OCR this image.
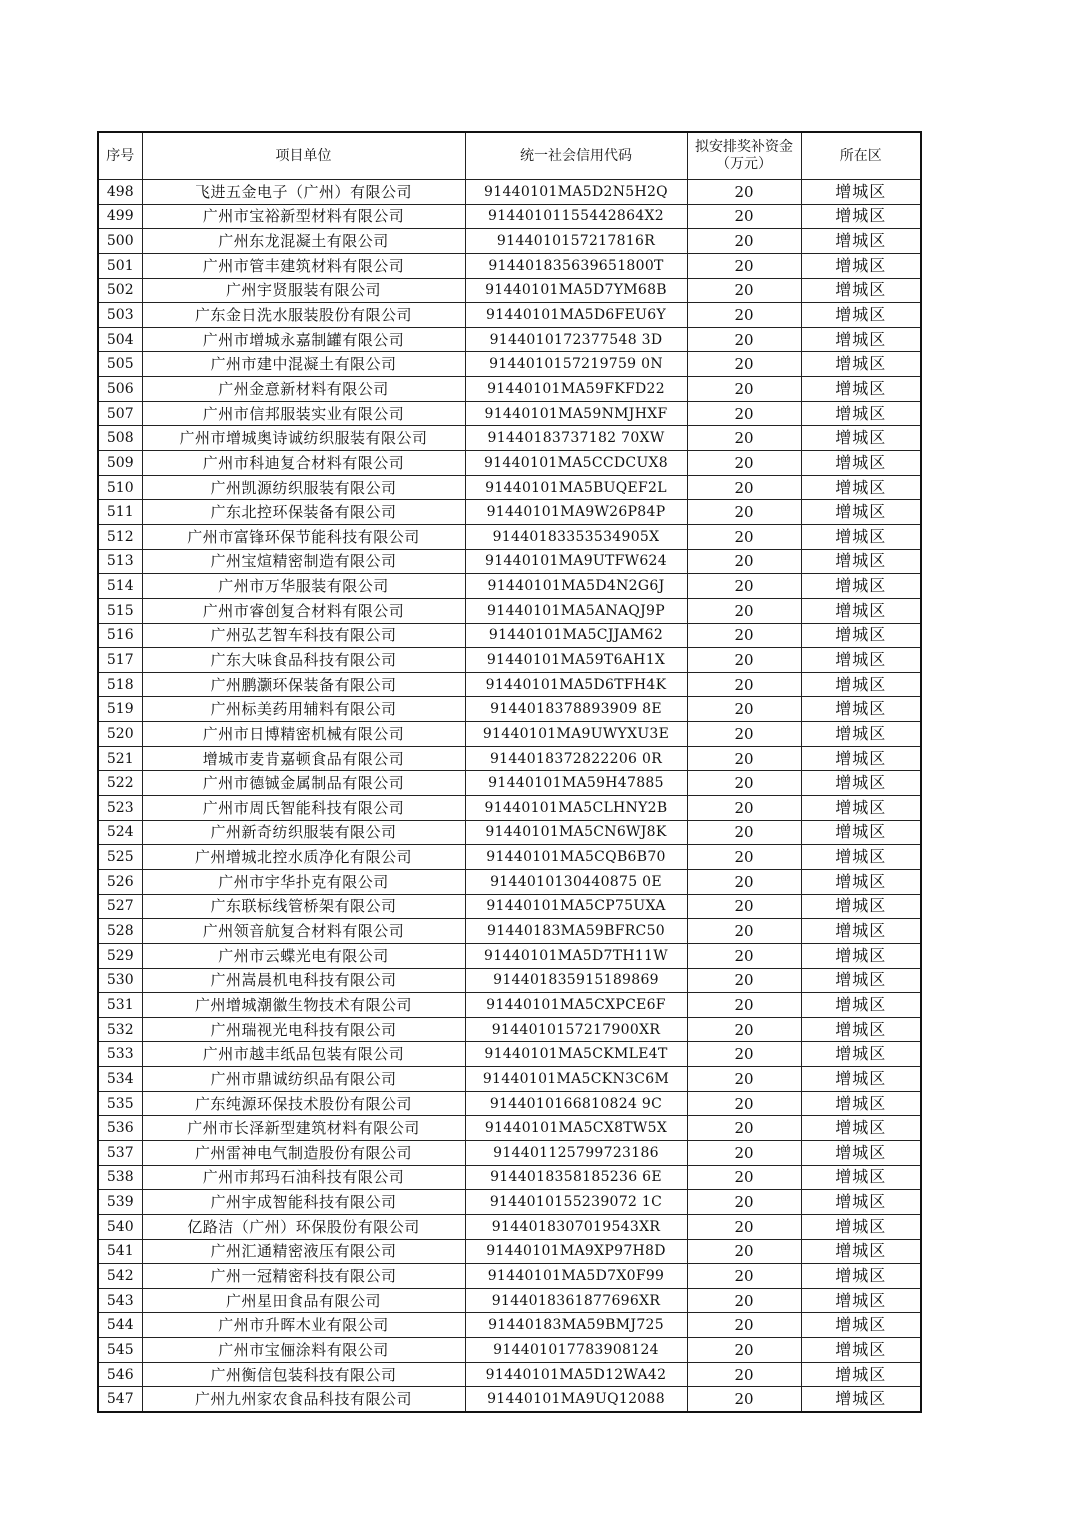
序号	项目单位	统一社会信用代码	拟安排奖补资金
（万元）	所在区
498	飞进五金电子（广州）有限公司	91440101MA5D2N5H2Q	20	增城区
499	广州市宝裕新型材料有限公司	91440101155442864X2	20	增城区
500	广州东龙混凝土有限公司	9144010157217816R	20	增城区
501	广州市管丰建筑材料有限公司	914401835639651800T	20	增城区
502	广州宇贤服装有限公司	91440101MA5D7YM68B	20	增城区
503	广东金日洗水服装股份有限公司	91440101MA5D6FEU6Y	20	增城区
504	广州市增城永嘉制罐有限公司	9144010172377548 3D	20	增城区
505	广州市建中混凝土有限公司	9144010157219759 0N	20	增城区
506	广州金意新材料有限公司	91440101MA59FKFD22	20	增城区
507	广州市信邦服装实业有限公司	91440101MA59NMJHXF	20	增城区
508	广州市增城奥诗诚纺织服装有限公司	91440183737182 70XW	20	增城区
509	广州市科迪复合材料有限公司	91440101MA5CCDCUX8	20	增城区
510	广州凯源纺织服装有限公司	91440101MA5BUQEF2L	20	增城区
511	广东北控环保装备有限公司	91440101MA9W26P84P	20	增城区
512	广州市富锋环保节能科技有限公司	91440183353534905X	20	增城区
513	广州宝煊精密制造有限公司	91440101MA9UTFW624	20	增城区
514	广州市万华服装有限公司	91440101MA5D4N2G6J	20	增城区
515	广州市睿创复合材料有限公司	91440101MA5ANAQJ9P	20	增城区
516	广州弘艺智车科技有限公司	91440101MA5CJJAM62	20	增城区
517	广东大味食品科技有限公司	91440101MA59T6AH1X	20	增城区
518	广州鹏灏环保装备有限公司	91440101MA5D6TFH4K	20	增城区
519	广州标美药用辅料有限公司	9144018378893909 8E	20	增城区
520	广州市日博精密机械有限公司	91440101MA9UWYXU3E	20	增城区
521	增城市麦肯嘉顿食品有限公司	9144018372822206 0R	20	增城区
522	广州市德铖金属制品有限公司	91440101MA59H47885	20	增城区
523	广州市周氏智能科技有限公司	91440101MA5CLHNY2B	20	增城区
524	广州新奇纺织服装有限公司	91440101MA5CN6WJ8K	20	增城区
525	广州增城北控水质净化有限公司	91440101MA5CQB6B70	20	增城区
526	广州市宇华扑克有限公司	9144010130440875 0E	20	增城区
527	广东联标线管桥架有限公司	91440101MA5CP75UXA	20	增城区
528	广州领音航复合材料有限公司	91440183MA59BFRC50	20	增城区
529	广州市云蝶光电有限公司	91440101MA5D7TH11W	20	增城区
530	广州嵩晨机电科技有限公司	914401835915189869	20	增城区
531	广州增城潮徽生物技术有限公司	91440101MA5CXPCE6F	20	增城区
532	广州瑞视光电科技有限公司	9144010157217900XR	20	增城区
533	广州市越丰纸品包装有限公司	91440101MA5CKMLE4T	20	增城区
534	广州市鼎诚纺织品有限公司	91440101MA5CKN3C6M	20	增城区
535	广东纯源环保技术股份有限公司	9144010166810824 9C	20	增城区
536	广州市长泽新型建筑材料有限公司	91440101MA5CX8TW5X	20	增城区
537	广州雷神电气制造股份有限公司	914401125799723186	20	增城区
538	广州市邦玛石油科技有限公司	9144018358185236 6E	20	增城区
539	广州宇成智能科技有限公司	9144010155239072 1C	20	增城区
540	亿路洁（广州）环保股份有限公司	9144018307019543XR	20	增城区
541	广州汇通精密液压有限公司	91440101MA9XP97H8D	20	增城区
542	广州一冠精密科技有限公司	91440101MA5D7X0F99	20	增城区
543	广州星田食品有限公司	9144018361877696XR	20	增城区
544	广州市升晖木业有限公司	91440183MA59BMJ725	20	增城区
545	广州市宝俪涂料有限公司	914401017783908124	20	增城区
546	广州衡信包装科技有限公司	91440101MA5D12WA42	20	增城区
547	广州九州家农食品科技有限公司	91440101MA9UQ12088	20	增城区
